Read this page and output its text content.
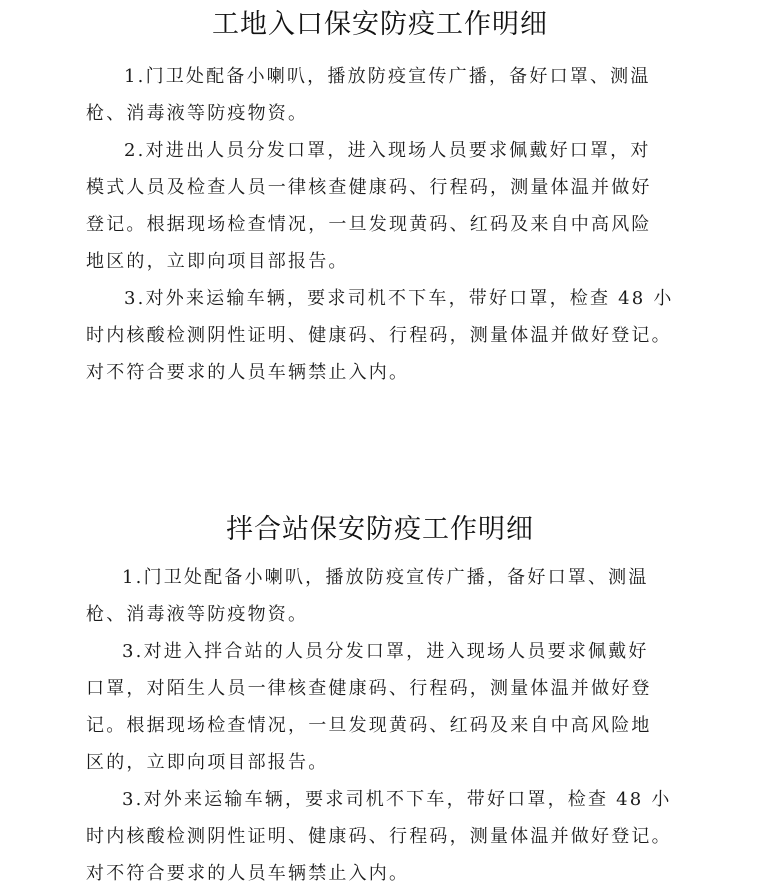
工地入口保安防疫工作明细

1.门卫处配备小喇叭，播放防疫宣传广播，备好口罩、测温
枪、消毒液等防疫物资。

2.对进出人员分发口罩，进入现场人员要求佩戴好口罩，对
模式人员及检查人员一律核查健康码、行程码，测量体温并做好
登记。根据现场检查情况，一旦发现黄码、红码及来自中高风险
地区的，立即向项目部报告。

3.对外来运输车辆，要求司机不下车，带好口罩，检查 48 小
时内核酸检测阴性证明、健康码、行程码，测量体温并做好登记。
对不符合要求的人员车辆禁止入内。

拌合站保安防疫工作明细

1.门卫处配备小喇叭，播放防疫宣传广播，备好口罩、测温
枪、消毒液等防疫物资。

3.对进入拌合站的人员分发口罩，进入现场人员要求佩戴好
口罩，对陌生人员一律核查健康码、行程码，测量体温并做好登
记。根据现场检查情况，一旦发现黄码、红码及来自中高风险地
区的，立即向项目部报告。

3.对外来运输车辆，要求司机不下车，带好口罩，检查 48 小
时内核酸检测阴性证明、健康码、行程码，测量体温并做好登记。
对不符合要求的人员车辆禁止入内。
